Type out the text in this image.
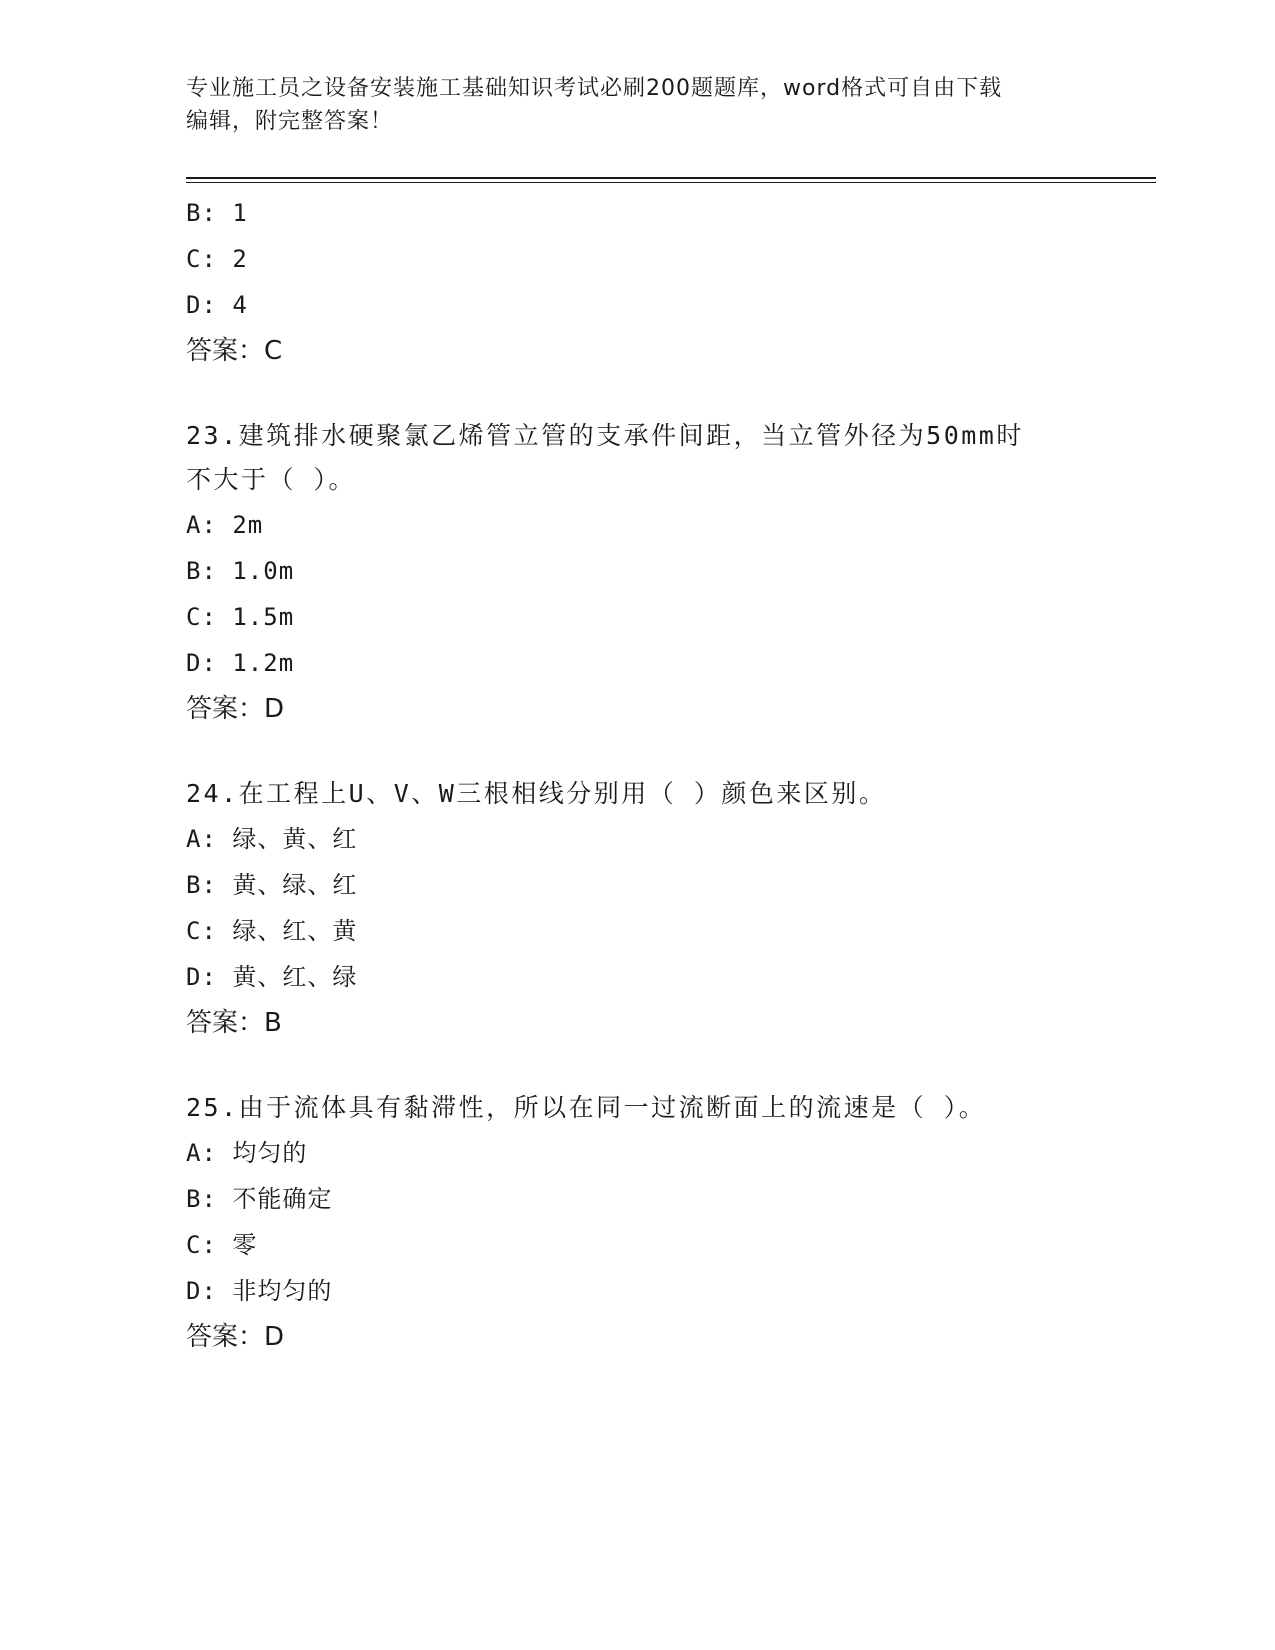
专业施工员之设备安装施工基础知识考试必刷200题题库，word格式可自由下载
编辑，附完整答案！
B: 1
C: 2
D: 4
答案：C
23.建筑排水硬聚氯乙烯管立管的支承件间距，当立管外径为50mm时
不大于（ ）。
A: 2m
B: 1.0m
C: 1.5m
D: 1.2m
答案：D
24.在工程上U、V、W三根相线分别用（ ）颜色来区别。
A: 绿、黄、红
B: 黄、绿、红
C: 绿、红、黄
D: 黄、红、绿
答案：B
25.由于流体具有黏滞性，所以在同一过流断面上的流速是（ ）。
A: 均匀的
B: 不能确定
C: 零
D: 非均匀的
答案：D
